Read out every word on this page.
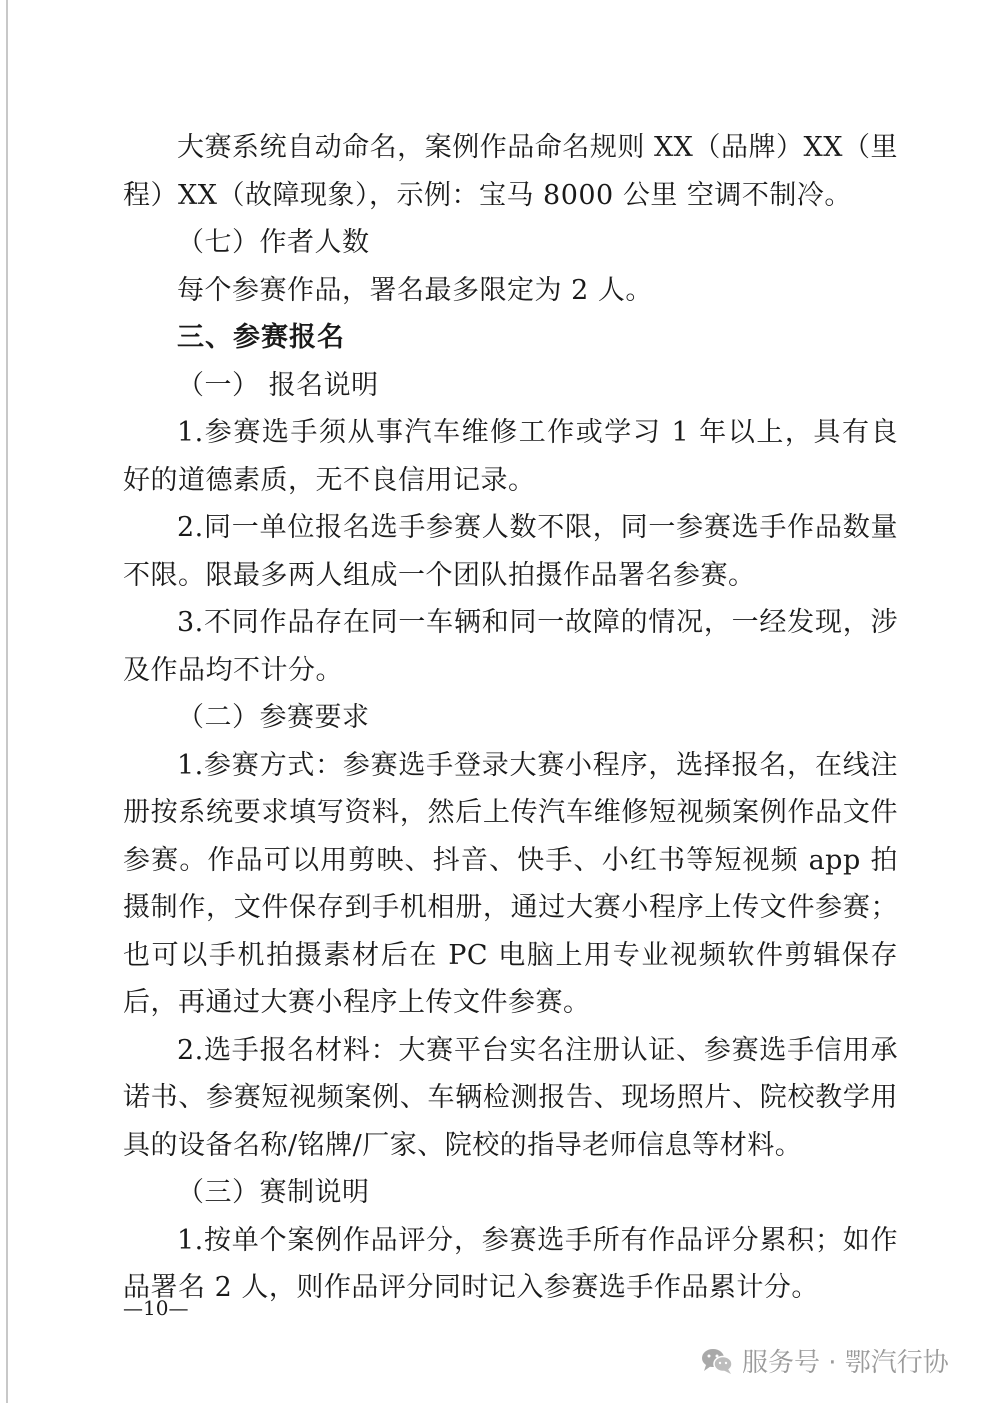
大赛系统自动命名，案例作品命名规则 XX（品牌）XX（里程）XX（故障现象），示例：宝马 8000 公里 空调不制冷。

（七）作者人数

每个参赛作品，署名最多限定为 2 人。

三、参赛报名

（一） 报名说明

1.参赛选手须从事汽车维修工作或学习 1 年以上，具有良好的道德素质，无不良信用记录。

2.同一单位报名选手参赛人数不限，同一参赛选手作品数量不限。限最多两人组成一个团队拍摄作品署名参赛。

3.不同作品存在同一车辆和同一故障的情况，一经发现，涉及作品均不计分。

（二）参赛要求

1.参赛方式：参赛选手登录大赛小程序，选择报名，在线注册按系统要求填写资料，然后上传汽车维修短视频案例作品文件参赛。作品可以用剪映、抖音、快手、小红书等短视频 app 拍摄制作，文件保存到手机相册，通过大赛小程序上传文件参赛；也可以手机拍摄素材后在 PC 电脑上用专业视频软件剪辑保存后，再通过大赛小程序上传文件参赛。

2.选手报名材料：大赛平台实名注册认证、参赛选手信用承诺书、参赛短视频案例、车辆检测报告、现场照片、院校教学用具的设备名称/铭牌/厂家、院校的指导老师信息等材料。

（三）赛制说明

1.按单个案例作品评分，参赛选手所有作品评分累积；如作品署名 2 人，则作品评分同时记入参赛选手作品累计分。

—10—
服务号 · 鄂汽行协
